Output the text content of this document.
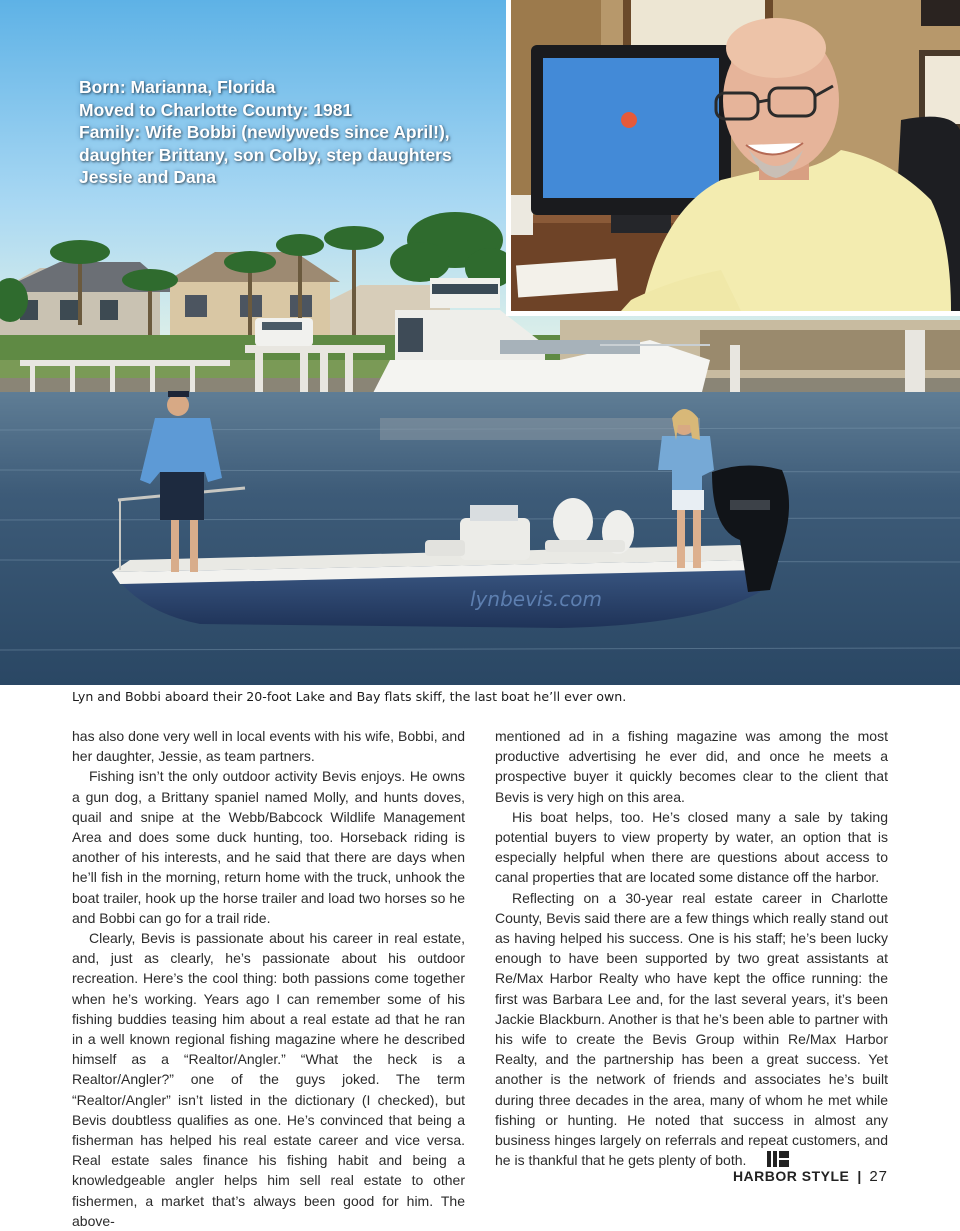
lynbevis.com

Born: Marianna, Florida

Moved to Charlotte County: 1981

Family: Wife Bobbi (newlyweds since April!), daughter Brittany, son Colby, step daughters Jessie and Dana

Lyn and Bobbi aboard their 20-foot Lake and Bay flats skiff, the last boat he’ll ever own.

has also done very well in local events with his wife, Bobbi, and her daughter, Jessie, as team partners.

Fishing isn’t the only outdoor activity Bevis enjoys. He owns a gun dog, a Brittany spaniel named Molly, and hunts doves, quail and snipe at the Webb/Babcock Wildlife Management Area and does some duck hunting, too. Horseback riding is another of his interests, and he said that there are days when he’ll fish in the morning, return home with the truck, unhook the boat trailer, hook up the horse trailer and load two horses so he and Bobbi can go for a trail ride.

Clearly, Bevis is passionate about his career in real estate, and, just as clearly, he’s passionate about his outdoor recreation. Here’s the cool thing: both passions come together when he’s working. Years ago I can remember some of his fishing buddies teasing him about a real estate ad that he ran in a well known regional fishing magazine where he described himself as a “Realtor/Angler.” “What the heck is a Realtor/Angler?” one of the guys joked. The term “Realtor/Angler” isn’t listed in the dictionary (I checked), but Bevis doubtless qualifies as one. He’s convinced that being a fisherman has helped his real estate career and vice versa. Real estate sales finance his fishing habit and being a knowledgeable angler helps him sell real estate to other fishermen, a market that’s always been good for him. The above-

mentioned ad in a fishing magazine was among the most productive advertising he ever did, and once he meets a prospective buyer it quickly becomes clear to the client that Bevis is very high on this area.

His boat helps, too. He’s closed many a sale by taking potential buyers to view property by water, an option that is especially helpful when there are questions about access to canal properties that are located some distance off the harbor.

Reflecting on a 30-year real estate career in Charlotte County, Bevis said there are a few things which really stand out as having helped his success. One is his staff; he’s been lucky enough to have been supported by two great assistants at Re/Max Harbor Realty who have kept the office running: the first was Barbara Lee and, for the last several years, it’s been Jackie Blackburn. Another is that he’s been able to partner with his wife to create the Bevis Group within Re/Max Harbor Realty, and the partnership has been a great success. Yet another is the network of friends and associates he’s built during three decades in the area, many of whom he met while fishing or hunting. He noted that success in almost any business hinges largely on referrals and repeat customers, and he is thankful that he gets plenty of both.

HARBOR STYLE | 27
